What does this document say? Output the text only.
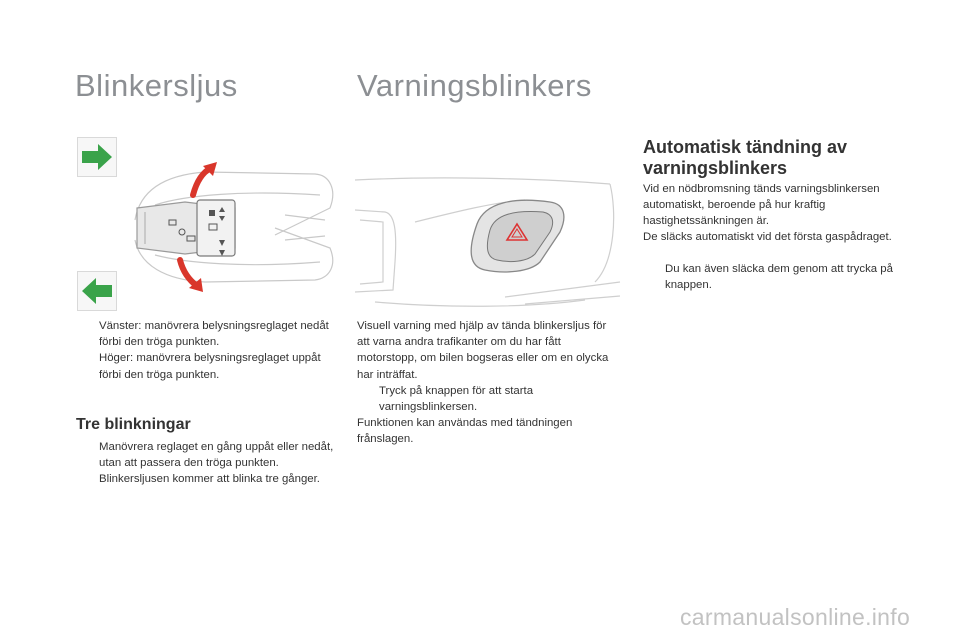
Blinkersljus
Vänster: manövrera belysningsreglaget nedåt förbi den tröga punkten.
Höger: manövrera belysningsreglaget uppåt förbi den tröga punkten.
Tre blinkningar
Manövrera reglaget en gång uppåt eller nedåt, utan att passera den tröga punkten. Blinkersljusen kommer att blinka tre gånger.
Varningsblinkers
Visuell varning med hjälp av tända blinkersljus för att varna andra trafikanter om du har fått motorstopp, om bilen bogseras eller om en olycka har inträffat.
Tryck på knappen för att starta varningsblinkersen.
Funktionen kan användas med tändningen frånslagen.
Automatisk tändning av varningsblinkers
Vid en nödbromsning tänds varningsblinkersen automatiskt, beroende på hur kraftig hastighetssänkningen är.
De släcks automatiskt vid det första gaspådraget.
Du kan även släcka dem genom att trycka på knappen.
carmanualsonline.info
